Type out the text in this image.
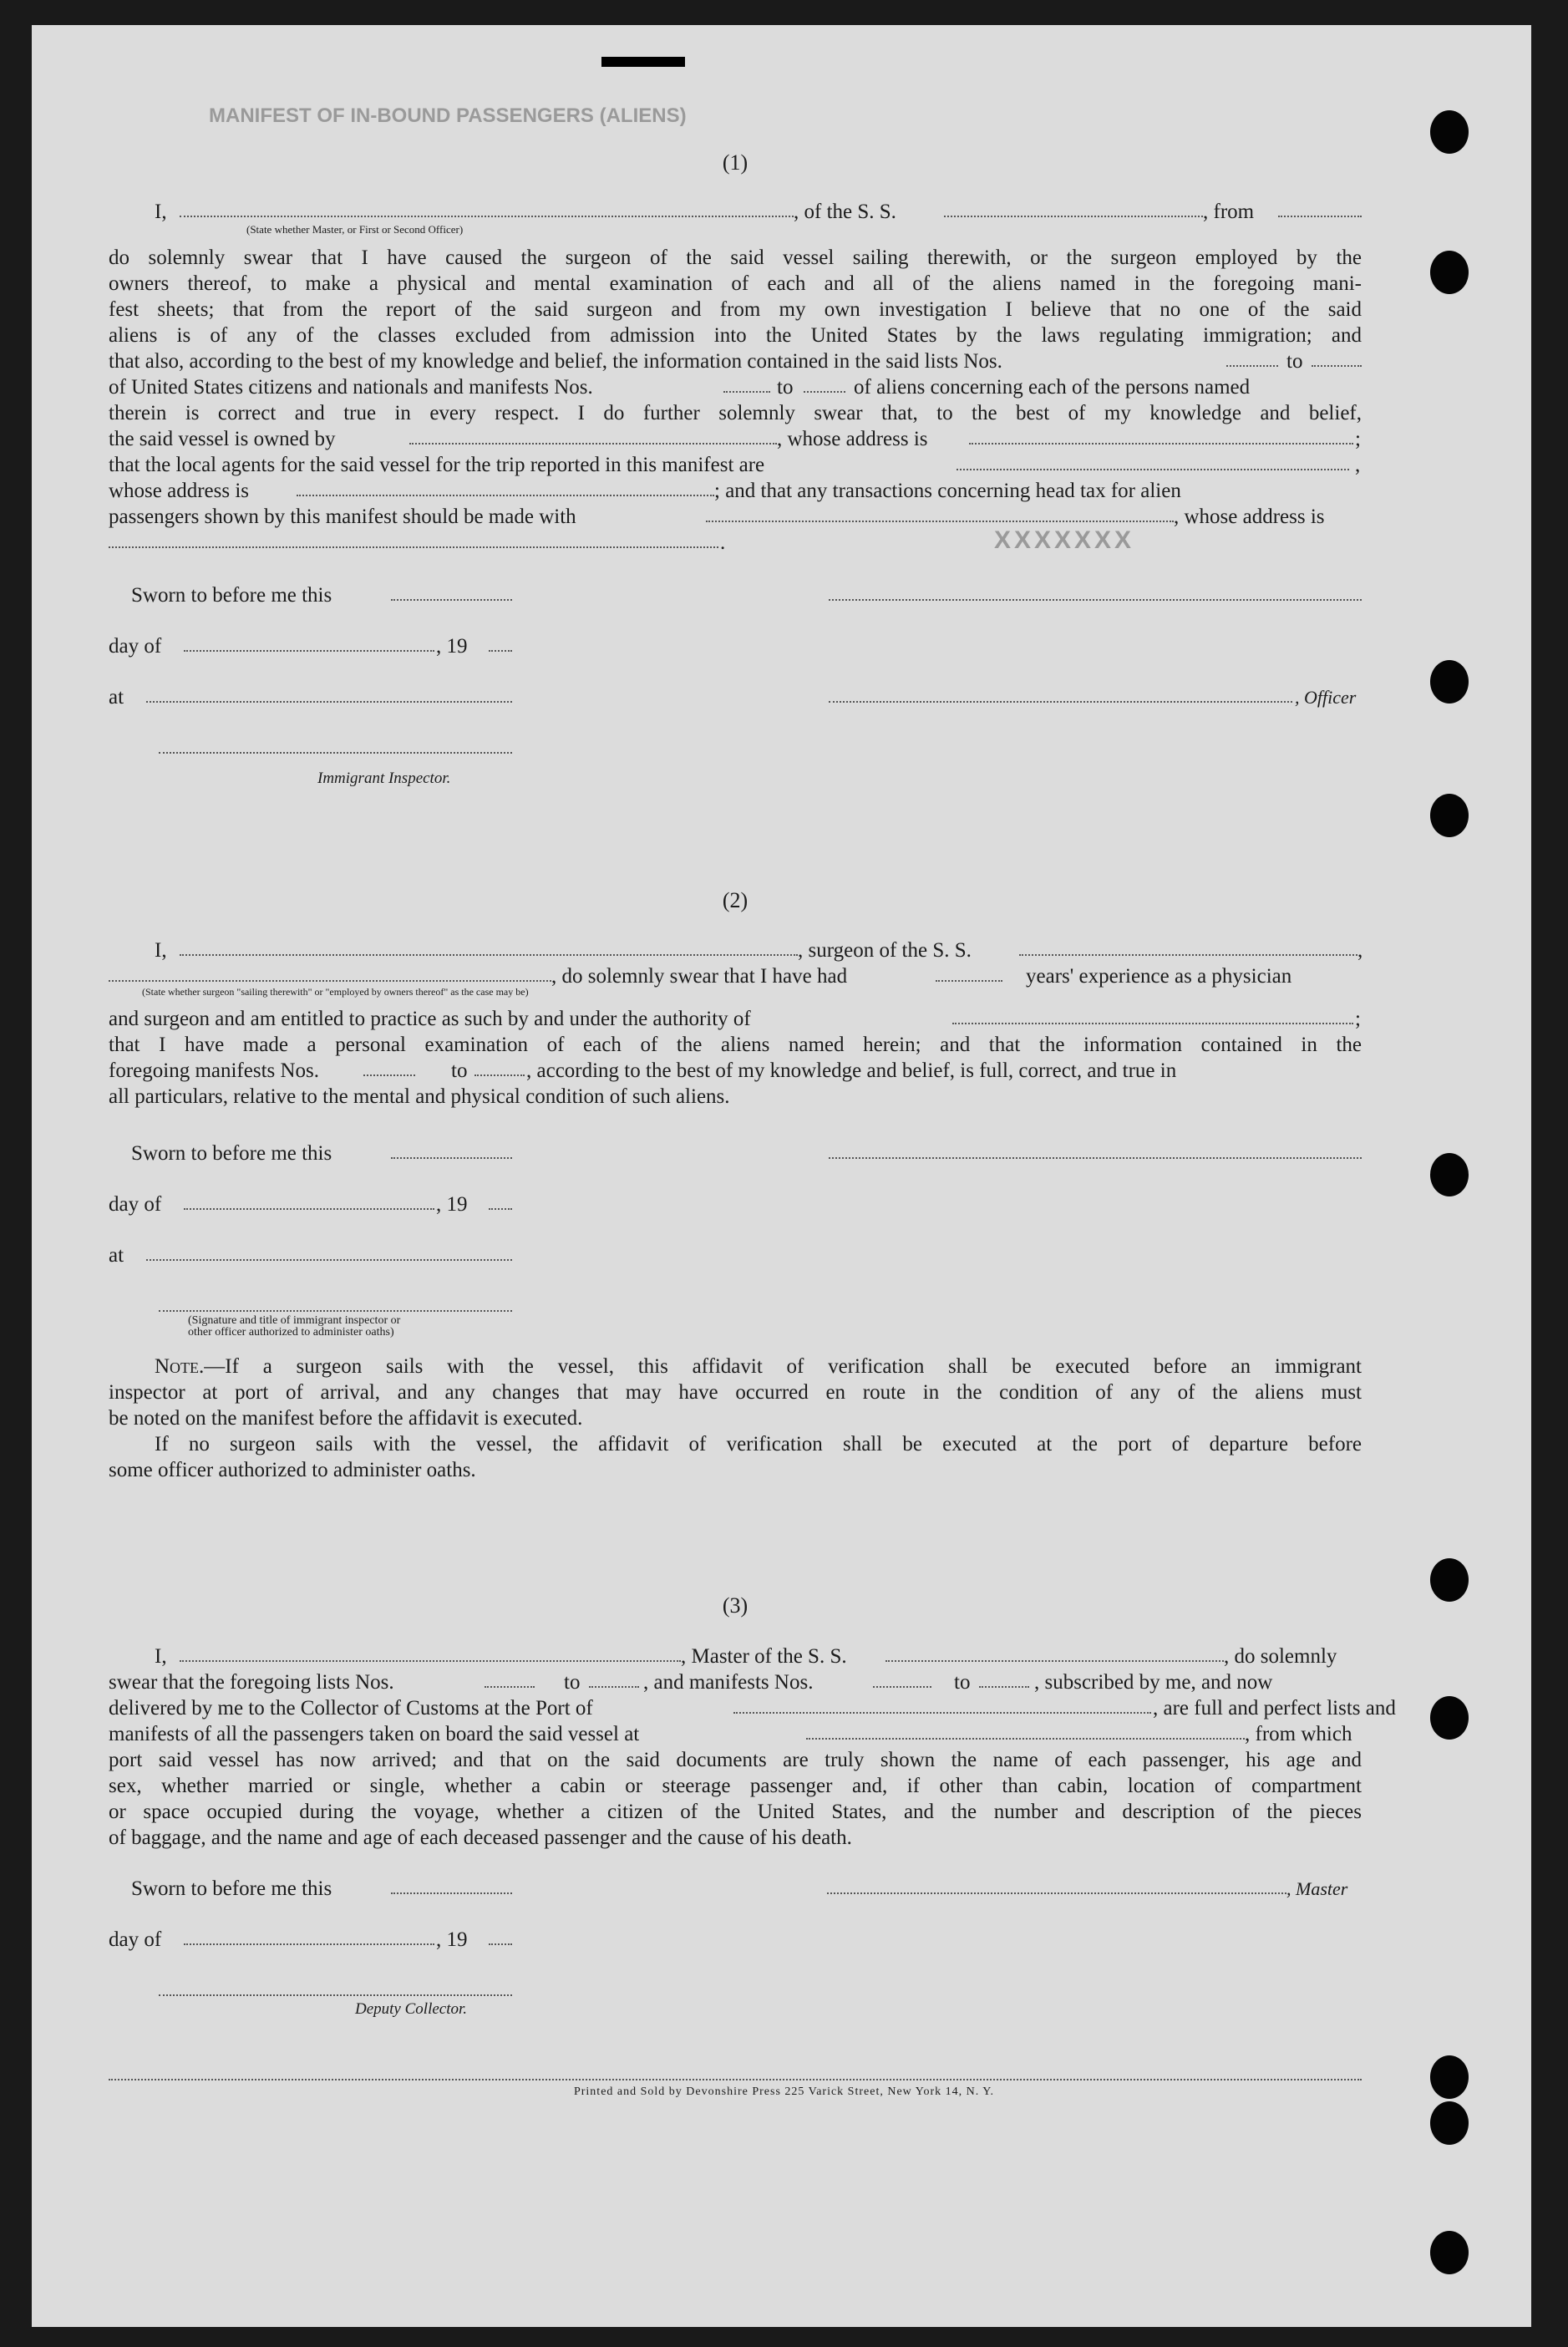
MANIFEST OF IN-BOUND PASSENGERS (ALIENS)
XXXXXXX
(1)
I,	, of the S. S.	, from
(State whether Master, or First or Second Officer)
do solemnly swear that I have caused the surgeon of the said vessel sailing therewith, or the surgeon employed by the
owners thereof, to make a physical and mental examination of each and all of the aliens named in the foregoing mani-
fest sheets; that from the report of the said surgeon and from my own investigation I believe that no one of the said
aliens is of any of the classes excluded from admission into the United States by the laws regulating immigration; and
that also, according to the best of my knowledge and belief, the information contained in the said lists Nos.	to
of United States citizens and nationals and manifests Nos.	to	of aliens concerning each of the persons named
therein is correct and true in every respect. I do further solemnly swear that, to the best of my knowledge and belief,
the said vessel is owned by	, whose address is	;
that the local agents for the said vessel for the trip reported in this manifest are	,
whose address is	; and that any transactions concerning head tax for alien
passengers shown by this manifest should be made with	, whose address is
.
Sworn to before me this
day of	, 19
at	, Officer
Immigrant Inspector.
(2)
I,	, surgeon of the S. S.	,
, do solemnly swear that I have had	years' experience as a physician
(State whether surgeon "sailing therewith" or "employed by owners thereof" as the case may be)
and surgeon and am entitled to practice as such by and under the authority of	;
that I have made a personal examination of each of the aliens named herein; and that the information contained in the
foregoing manifests Nos.	to	, according to the best of my knowledge and belief, is full, correct, and true in
all particulars, relative to the mental and physical condition of such aliens.
Sworn to before me this
day of	, 19
at
(Signature and title of immigrant inspector or
other officer authorized to administer oaths)
Note.—If a surgeon sails with the vessel, this affidavit of verification shall be executed before an immigrant
inspector at port of arrival, and any changes that may have occurred en route in the condition of any of the aliens must
be noted on the manifest before the affidavit is executed.
If no surgeon sails with the vessel, the affidavit of verification shall be executed at the port of departure before
some officer authorized to administer oaths.
(3)
I,	, Master of the S. S.	, do solemnly
swear that the foregoing lists Nos.	to	, and manifests Nos.	to	, subscribed by me, and now
delivered by me to the Collector of Customs at the Port of	, are full and perfect lists and
manifests of all the passengers taken on board the said vessel at	, from which
port said vessel has now arrived; and that on the said documents are truly shown the name of each passenger, his age and
sex, whether married or single, whether a cabin or steerage passenger and, if other than cabin, location of compartment
or space occupied during the voyage, whether a citizen of the United States, and the number and description of the pieces
of baggage, and the name and age of each deceased passenger and the cause of his death.
Sworn to before me this	, Master
day of	, 19
Deputy Collector.
Printed and Sold by Devonshire Press 225 Varick Street, New York 14, N. Y.
